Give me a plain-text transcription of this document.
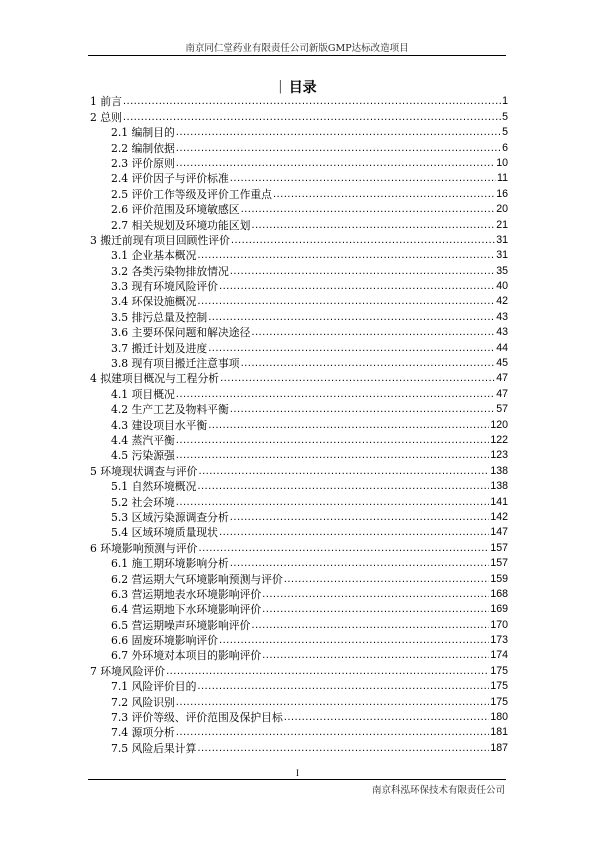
南京同仁堂药业有限责任公司新版GMP达标改造项目
| 目录
1 前言 .....	1
2 总则 .....	5
2.1 编制目的 .....	5
2.2 编制依据 .....	6
2.3 评价原则 .....	10
2.4 评价因子与评价标准 .....	11
2.5 评价工作等级及评价工作重点 .....	16
2.6 评价范围及环境敏感区 .....	20
2.7 相关规划及环境功能区划 .....	21
3 搬迁前现有项目回顾性评价 .....	31
3.1 企业基本概况 .....	31
3.2 各类污染物排放情况 .....	35
3.3 现有环境风险评价 .....	40
3.4 环保设施概况 .....	42
3.5 排污总量及控制 .....	43
3.6 主要环保问题和解决途径 .....	43
3.7 搬迁计划及进度 .....	44
3.8 现有项目搬迁注意事项 .....	45
4 拟建项目概况与工程分析 .....	47
4.1 项目概况 .....	47
4.2 生产工艺及物料平衡 .....	57
4.3 建设项目水平衡 .....	120
4.4 蒸汽平衡 .....	122
4.5 污染源强 .....	123
5 环境现状调查与评价 .....	138
5.1 自然环境概况 .....	138
5.2 社会环境 .....	141
5.3 区域污染源调查分析 .....	142
5.4 区域环境质量现状 .....	147
6 环境影响预测与评价 .....	157
6.1 施工期环境影响分析 .....	157
6.2 营运期大气环境影响预测与评价 .....	159
6.3 营运期地表水环境影响评价 .....	168
6.4 营运期地下水环境影响评价 .....	169
6.5 营运期噪声环境影响评价 .....	170
6.6 固废环境影响评价 .....	173
6.7 外环境对本项目的影响评价 .....	174
7 环境风险评价 .....	175
7.1 风险评价目的 .....	175
7.2 风险识别 .....	175
7.3 评价等级、评价范围及保护目标 .....	180
7.4 源项分析 .....	181
7.5 风险后果计算 .....	187
I
南京科泓环保技术有限责任公司
